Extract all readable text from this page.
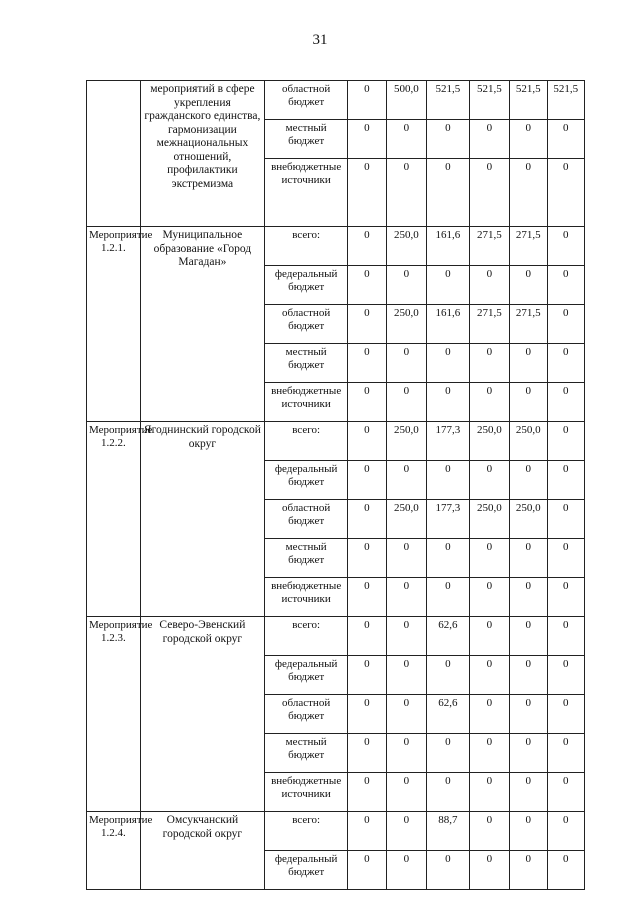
31
	мероприятий в сфере укрепления гражданского единства, гармонизации межнациональных отношений, профилактики экстремизма	областной бюджет	0	500,0	521,5	521,5	521,5	521,5
		местный бюджет	0	0	0	0	0	0
		внебюджетные источники	0	0	0	0	0	0
Мероприятие 1.2.1.	Муниципальное образование «Город Магадан»	всего:	0	250,0	161,6	271,5	271,5	0
		федеральный бюджет	0	0	0	0	0	0
		областной бюджет	0	250,0	161,6	271,5	271,5	0
		местный бюджет	0	0	0	0	0	0
		внебюджетные источники	0	0	0	0	0	0
Мероприятие 1.2.2.	Ягоднинский городской округ	всего:	0	250,0	177,3	250,0	250,0	0
		федеральный бюджет	0	0	0	0	0	0
		областной бюджет	0	250,0	177,3	250,0	250,0	0
		местный бюджет	0	0	0	0	0	0
		внебюджетные источники	0	0	0	0	0	0
Мероприятие 1.2.3.	Северо-Эвенский городской округ	всего:	0	0	62,6	0	0	0
		федеральный бюджет	0	0	0	0	0	0
		областной бюджет	0	0	62,6	0	0	0
		местный бюджет	0	0	0	0	0	0
		внебюджетные источники	0	0	0	0	0	0
Мероприятие 1.2.4.	Омсукчанский городской округ	всего:	0	0	88,7	0	0	0
		федеральный бюджет	0	0	0	0	0	0
